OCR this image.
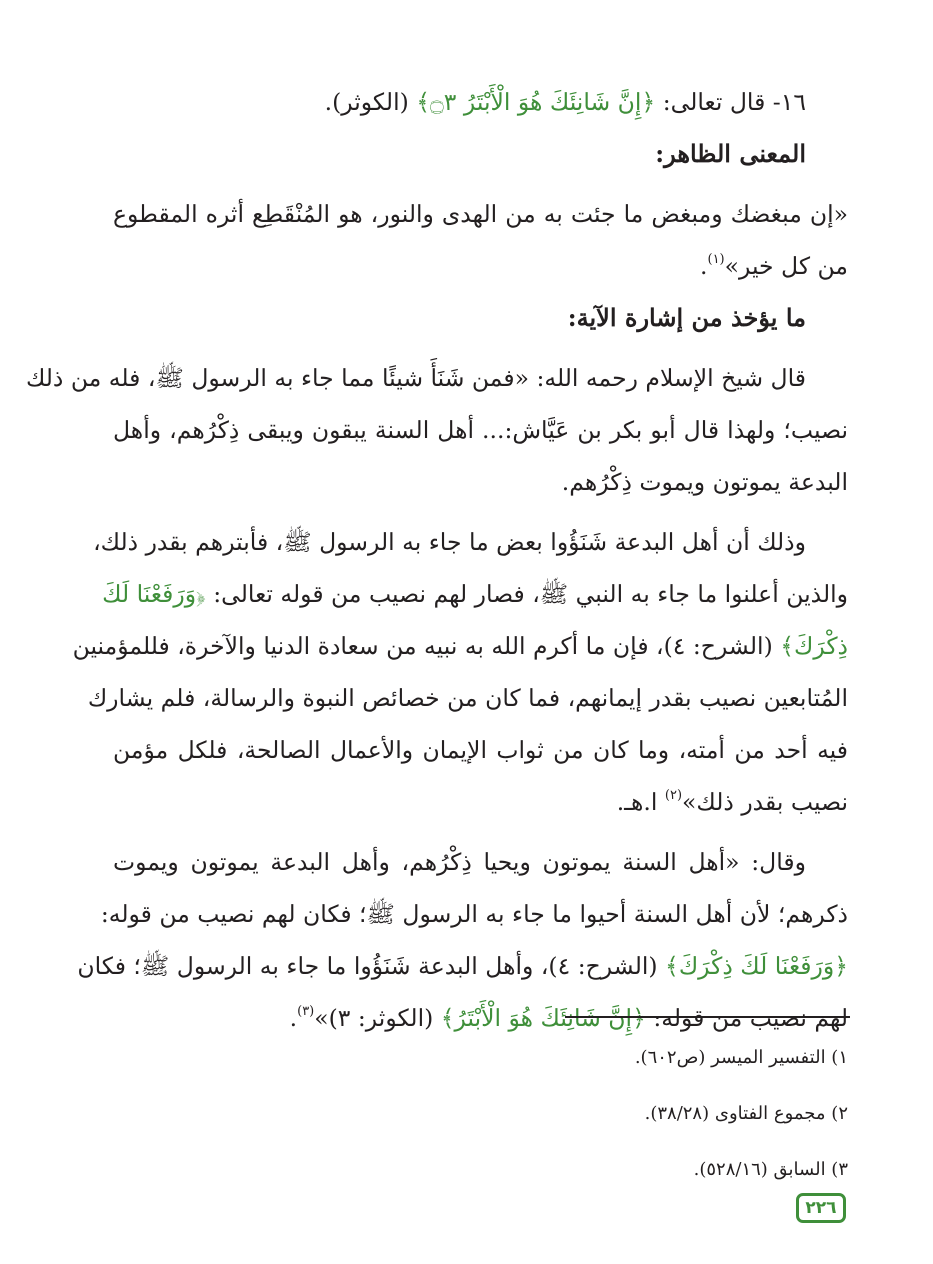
١٦- قال تعالى: ﴿إِنَّ شَانِئَكَ هُوَ الْأَبْتَرُ ۝٣﴾ (الكوثر).
المعنى الظاهر:
«إن مبغضك ومبغض ما جئت به من الهدى والنور، هو المُنْقَطِع أثره المقطوع
من كل خير»$^{(١)}$.
ما يؤخذ من إشارة الآية:
قال شيخ الإسلام رحمه الله: «فمن شَنَأَ شيئًا مما جاء به الرسول ﷺ، فله من ذلك
نصيب؛ ولهذا قال أبو بكر بن عَيَّاش:... أهل السنة يبقون ويبقى ذِكْرُهم، وأهل
البدعة يموتون ويموت ذِكْرُهم.
وذلك أن أهل البدعة شَنَؤُوا بعض ما جاء به الرسول ﷺ، فأبترهم بقدر ذلك،
والذين أعلنوا ما جاء به النبي ﷺ، فصار لهم نصيب من قوله تعالى: ﴿وَرَفَعْنَا لَكَ
ذِكْرَكَ﴾ (الشرح: ٤)، فإن ما أكرم الله به نبيه من سعادة الدنيا والآخرة، فللمؤمنين
المُتابعين نصيب بقدر إيمانهم، فما كان من خصائص النبوة والرسالة، فلم يشارك
فيه أحد من أمته، وما كان من ثواب الإيمان والأعمال الصالحة، فلكل مؤمن
نصيب بقدر ذلك»$^{(٢)}$ ا.هـ.
وقال: «أهل السنة يموتون ويحيا ذِكْرُهم، وأهل البدعة يموتون ويموت
ذكرهم؛ لأن أهل السنة أحيوا ما جاء به الرسول ﷺ؛ فكان لهم نصيب من قوله:
﴿وَرَفَعْنَا لَكَ ذِكْرَكَ﴾ (الشرح: ٤)، وأهل البدعة شَنَؤُوا ما جاء به الرسول ﷺ؛ فكان
لهم نصيب من قوله: ﴿إِنَّ شَانِئَكَ هُوَ الْأَبْتَرُ﴾ (الكوثر: ٣)»$^{(٣)}$.
١) التفسير الميسر (ص٦٠٢).
٢) مجموع الفتاوى (٣٨/٢٨).
٣) السابق (٥٢٨/١٦).
٢٢٦
